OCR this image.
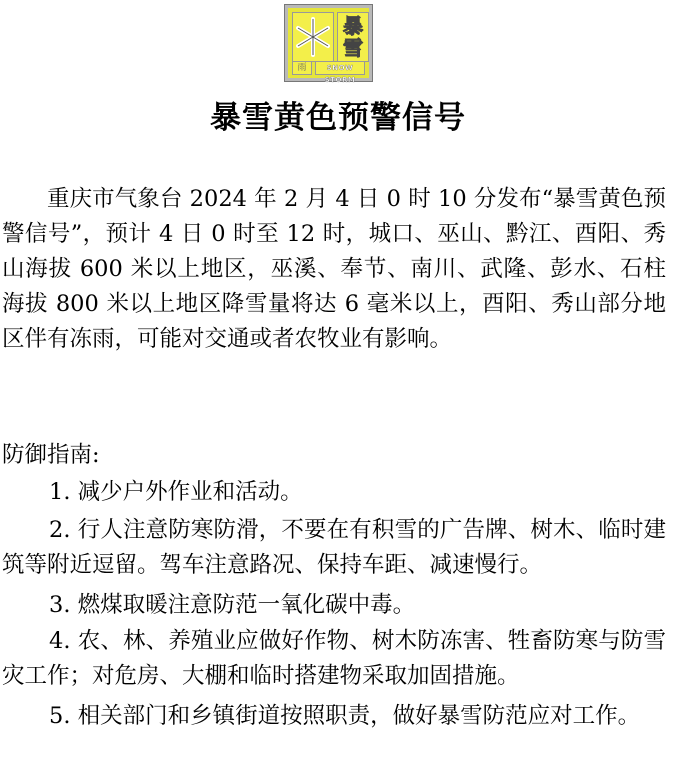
暴
雪
雨	SNOW STORM
暴雪黄色预警信号
重庆市气象台 2024 年 2 月 4 日 0 时 10 分发布“暴雪黄色预警信号”，预计 4 日 0 时至 12 时，城口、巫山、黔江、酉阳、秀山海拔 600 米以上地区，巫溪、奉节、南川、武隆、彭水、石柱海拔 800 米以上地区降雪量将达 6 毫米以上，酉阳、秀山部分地区伴有冻雨，可能对交通或者农牧业有影响。
防御指南:
1. 减少户外作业和活动。
2. 行人注意防寒防滑，不要在有积雪的广告牌、树木、临时建筑等附近逗留。驾车注意路况、保持车距、减速慢行。
3. 燃煤取暖注意防范一氧化碳中毒。
4. 农、林、养殖业应做好作物、树木防冻害、牲畜防寒与防雪灾工作；对危房、大棚和临时搭建物采取加固措施。
5. 相关部门和乡镇街道按照职责，做好暴雪防范应对工作。
